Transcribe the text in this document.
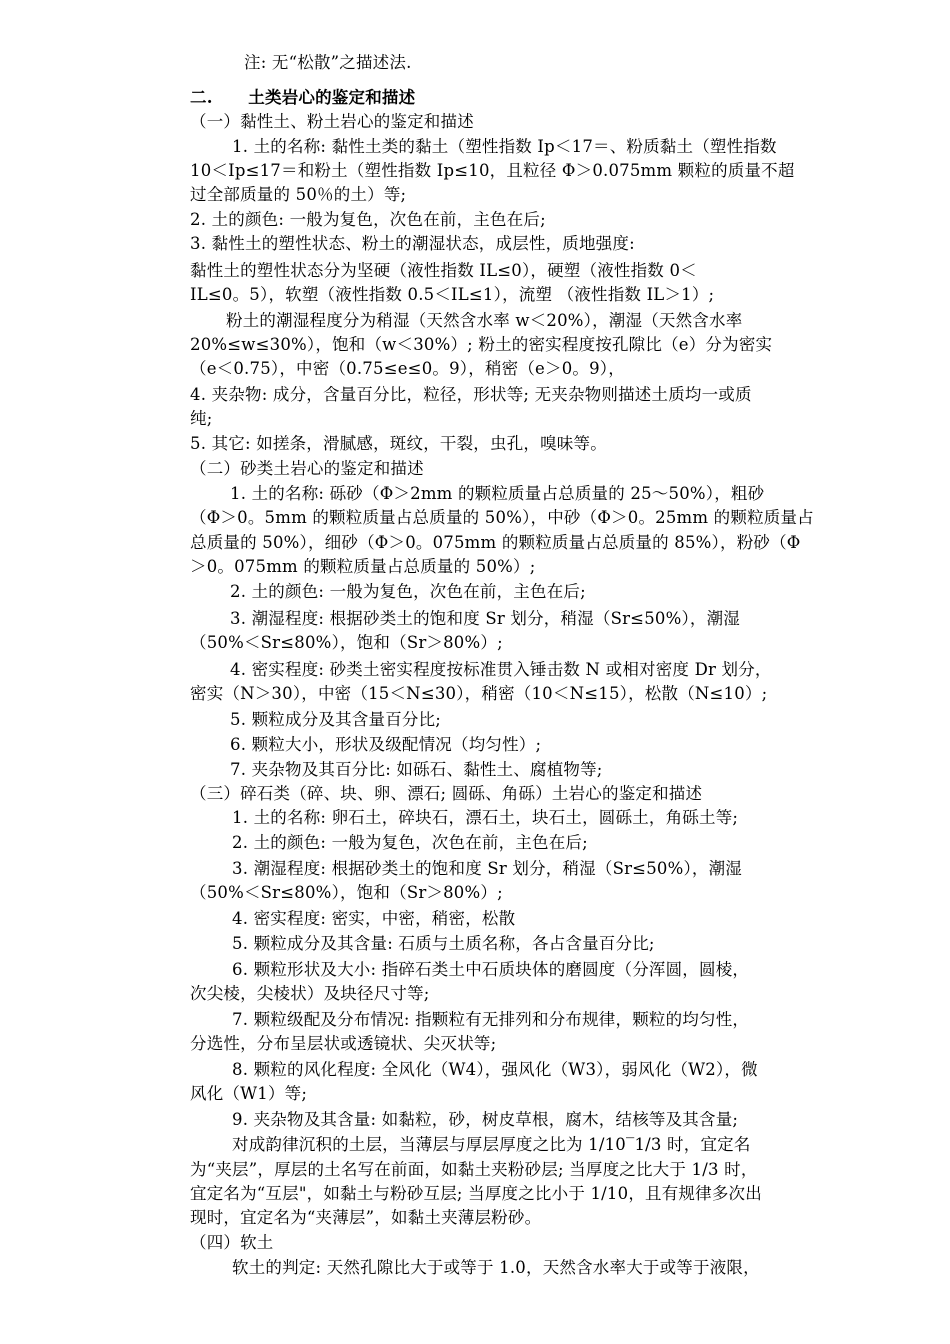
注: 无“松散”之描述法.
二.      土类岩心的鉴定和描述
（一）黏性土、粉土岩心的鉴定和描述
1. 土的名称: 黏性土类的黏土（塑性指数 Ip＜17＝、粉质黏土（塑性指数
10＜Ip≤17＝和粉土（塑性指数 Ip≤10，且粒径 Φ＞0.075mm 颗粒的质量不超
过全部质量的 50％的土）等;
2. 土的颜色: 一般为复色，次色在前，主色在后;
3. 黏性土的塑性状态、粉土的潮湿状态，成层性，质地强度:
黏性土的塑性状态分为坚硬（液性指数 IL≤0），硬塑（液性指数 0＜
IL≤0。5），软塑（液性指数 0.5＜IL≤1），流塑 （液性指数 IL＞1）;
粉土的潮湿程度分为稍湿（天然含水率 w＜20%），潮湿（天然含水率
20%≤w≤30%），饱和（w＜30%）; 粉土的密实程度按孔隙比（e）分为密实
（e＜0.75），中密（0.75≤e≤0。9），稍密（e＞0。9），
4. 夹杂物: 成分，含量百分比，粒径，形状等; 无夹杂物则描述土质均一或质
纯;
5. 其它: 如搓条，滑腻感，斑纹，干裂，虫孔，嗅味等。
（二）砂类土岩心的鉴定和描述
1. 土的名称: 砾砂（Φ＞2mm 的颗粒质量占总质量的 25～50%），粗砂
（Φ＞0。5mm 的颗粒质量占总质量的 50%），中砂（Φ＞0。25mm 的颗粒质量占
总质量的 50%），细砂（Φ＞0。075mm 的颗粒质量占总质量的 85%），粉砂（Φ
＞0。075mm 的颗粒质量占总质量的 50%）;
2. 土的颜色: 一般为复色，次色在前，主色在后;
3. 潮湿程度: 根据砂类土的饱和度 Sr 划分，稍湿（Sr≤50%），潮湿
（50%＜Sr≤80%），饱和（Sr＞80%）;
4. 密实程度: 砂类土密实程度按标准贯入锤击数 N 或相对密度 Dr 划分，
密实（N＞30），中密（15＜N≤30），稍密（10＜N≤15），松散（N≤10）;
5. 颗粒成分及其含量百分比;
6. 颗粒大小，形状及级配情况（均匀性）;
7. 夹杂物及其百分比: 如砾石、黏性土、腐植物等;
（三）碎石类（碎、块、卵、漂石; 圆砾、角砾）土岩心的鉴定和描述
1. 土的名称: 卵石土，碎块石，漂石土，块石土，圆砾土，角砾土等;
2. 土的颜色: 一般为复色，次色在前，主色在后;
3. 潮湿程度: 根据砂类土的饱和度 Sr 划分，稍湿（Sr≤50%），潮湿
（50%＜Sr≤80%），饱和（Sr＞80%）;
4. 密实程度: 密实，中密，稍密，松散
5. 颗粒成分及其含量: 石质与土质名称，各占含量百分比;
6. 颗粒形状及大小: 指碎石类土中石质块体的磨圆度（分浑圆，圆棱，
次尖棱，尖棱状）及块径尺寸等;
7. 颗粒级配及分布情况: 指颗粒有无排列和分布规律，颗粒的均匀性，
分选性，分布呈层状或透镜状、尖灭状等;
8. 颗粒的风化程度: 全风化（W4），强风化（W3），弱风化（W2），微
风化（W1）等;
9. 夹杂物及其含量: 如黏粒，砂，树皮草根，腐木，结核等及其含量;
对成韵律沉积的土层，当薄层与厚层厚度之比为 1/10‾1/3 时，宜定名
为“夹层”，厚层的土名写在前面，如黏土夹粉砂层; 当厚度之比大于 1/3 时，
宜定名为“互层"，如黏土与粉砂互层; 当厚度之比小于 1/10，且有规律多次出
现时，宜定名为“夹薄层”，如黏土夹薄层粉砂。
（四）软土
软土的判定: 天然孔隙比大于或等于 1.0，天然含水率大于或等于液限，
